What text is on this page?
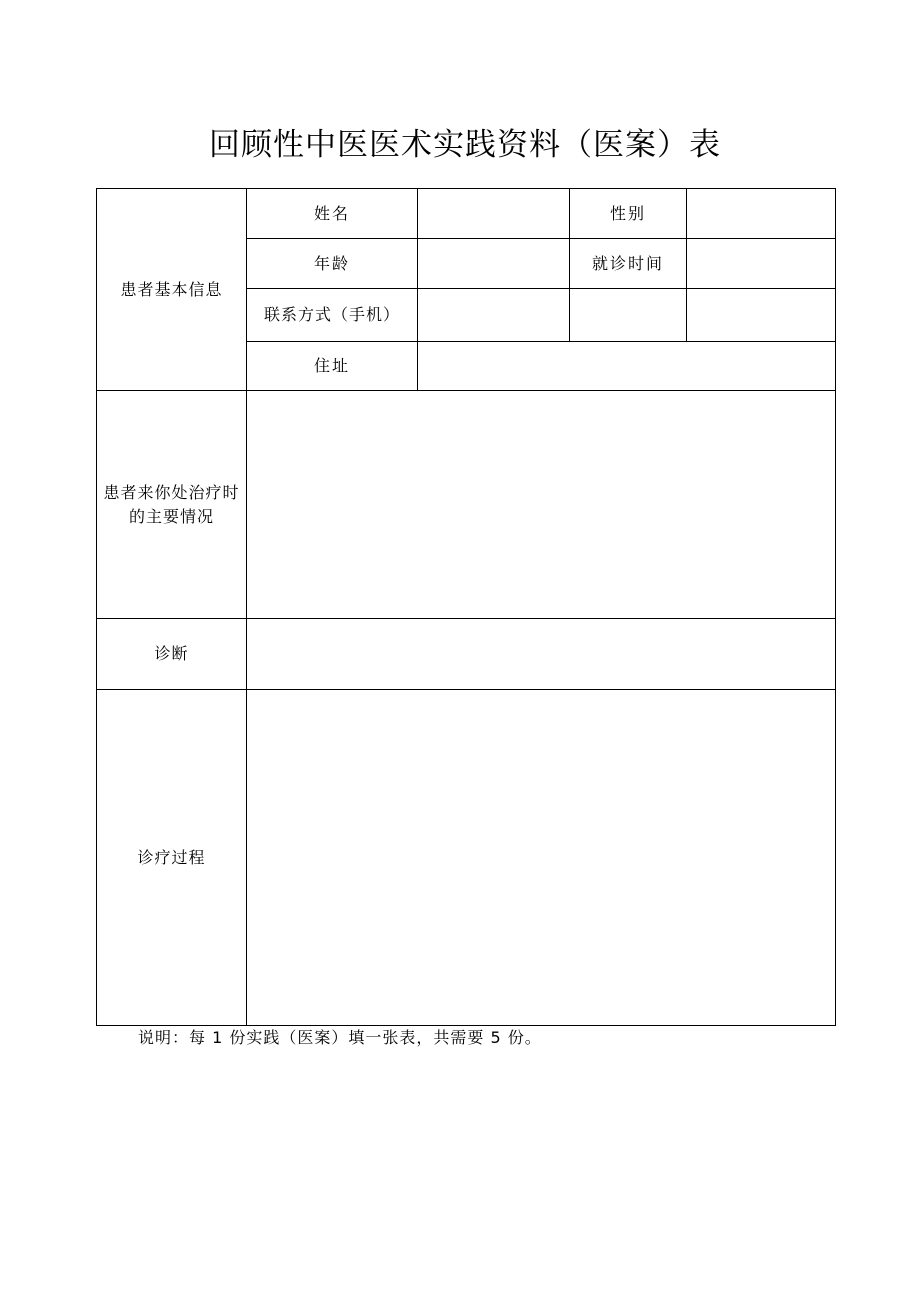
回顾性中医医术实践资料（医案）表
患者基本信息	姓名		性别	
	年龄		就诊时间	
	联系方式（手机）			
	住址			
患者来你处治疗时
的主要情况				
诊断				
诊疗过程				
说明：每 1 份实践（医案）填一张表，共需要 5 份。
